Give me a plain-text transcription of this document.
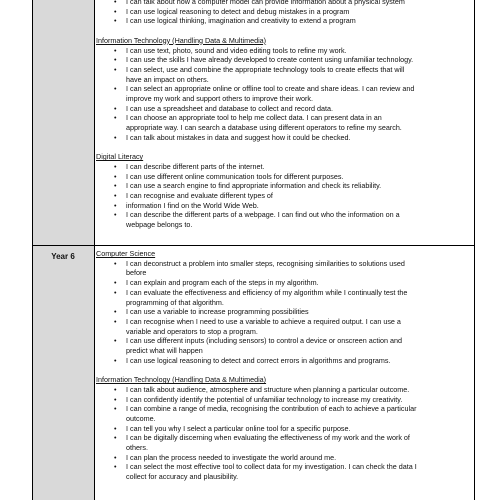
Year 6
• I can talk about how a computer model can provide information about a physical system
• I can use logical reasoning to detect and debug mistakes in a program
• I can use logical thinking, imagination and creativity to extend a program

Information Technology (Handling Data & Multimedia)

• I can use text, photo, sound and video editing tools to refine my work.
• I can use the skills I have already developed to create content using unfamiliar technology.
• I can select, use and combine the appropriate technology tools to create effects that will
have an impact on others.
• I can select an appropriate online or offline tool to create and share ideas. I can review and
improve my work and support others to improve their work.
• I can use a spreadsheet and database to collect and record data.
• I can choose an appropriate tool to help me collect data. I can present data in an
appropriate way. I can search a database using different operators to refine my search.
• I can talk about mistakes in data and suggest how it could be checked.

Digital Literacy

• I can describe different parts of the internet.
• I can use different online communication tools for different purposes.
• I can use a search engine to find appropriate information and check its reliability.
• I can recognise and evaluate different types of
• information I find on the World Wide Web.
• I can describe the different parts of a webpage. I can find out who the information on a
webpage belongs to.

Computer Science

• I can deconstruct a problem into smaller steps, recognising similarities to solutions used
before
• I can explain and program each of the steps in my algorithm.
• I can evaluate the effectiveness and efficiency of my algorithm while I continually test the
programming of that algorithm.
• I can use a variable to increase programming possibilities
• I can recognise when I need to use a variable to achieve a required output. I can use a
variable and operators to stop a program.
• I can use different inputs (including sensors) to control a device or onscreen action and
predict what will happen
• I can use logical reasoning to detect and correct errors in algorithms and programs.

Information Technology (Handling Data & Multimedia)

• I can talk about audience, atmosphere and structure when planning a particular outcome.
• I can confidently identify the potential of unfamiliar technology to increase my creativity.
• I can combine a range of media, recognising the contribution of each to achieve a particular
outcome.
• I can tell you why I select a particular online tool for a specific purpose.
• I can be digitally discerning when evaluating the effectiveness of my work and the work of
others.
• I can plan the process needed to investigate the world around me.
• I can select the most effective tool to collect data for my investigation. I can check the data I
collect for accuracy and plausibility.
